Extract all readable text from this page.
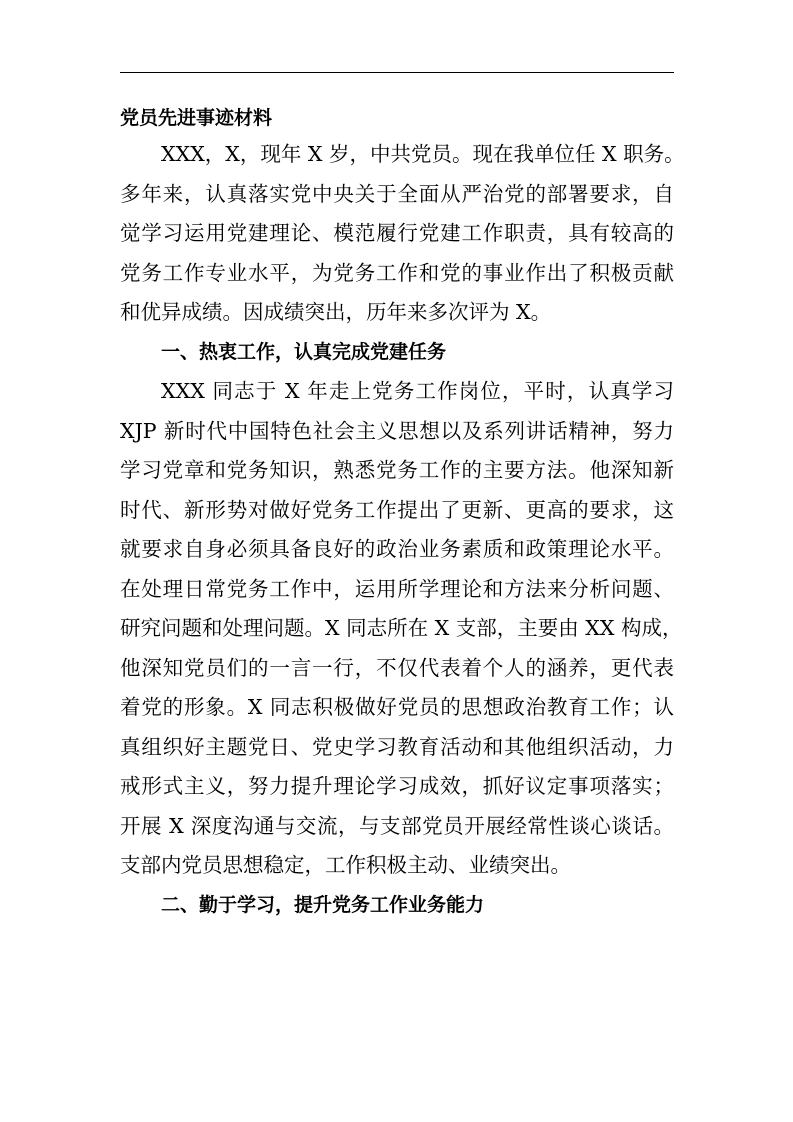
党员先进事迹材料
XXX，X，现年 X 岁，中共党员。现在我单位任 X 职务。
多年来，认真落实党中央关于全面从严治党的部署要求，自
觉学习运用党建理论、模范履行党建工作职责，具有较高的
党务工作专业水平，为党务工作和党的事业作出了积极贡献
和优异成绩。因成绩突出，历年来多次评为 X。
一、热衷工作，认真完成党建任务
XXX 同志于 X 年走上党务工作岗位，平时，认真学习
XJP 新时代中国特色社会主义思想以及系列讲话精神，努力
学习党章和党务知识，熟悉党务工作的主要方法。他深知新
时代、新形势对做好党务工作提出了更新、更高的要求，这
就要求自身必须具备良好的政治业务素质和政策理论水平。
在处理日常党务工作中，运用所学理论和方法来分析问题、
研究问题和处理问题。X 同志所在 X 支部，主要由 XX 构成，
他深知党员们的一言一行，不仅代表着个人的涵养，更代表
着党的形象。X 同志积极做好党员的思想政治教育工作；认
真组织好主题党日、党史学习教育活动和其他组织活动，力
戒形式主义，努力提升理论学习成效，抓好议定事项落实；
开展 X 深度沟通与交流，与支部党员开展经常性谈心谈话。
支部内党员思想稳定，工作积极主动、业绩突出。
二、勤于学习，提升党务工作业务能力
